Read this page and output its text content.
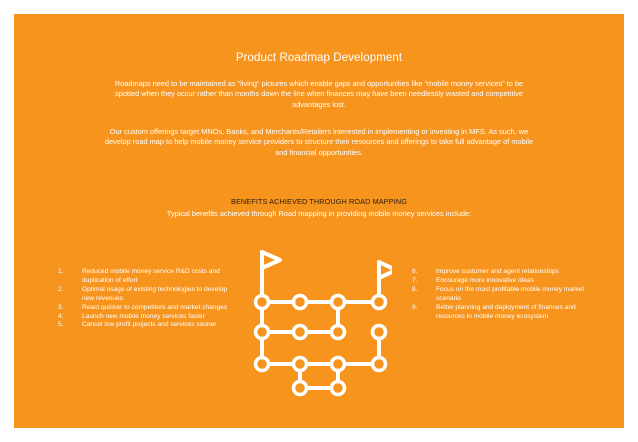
Product Roadmap Development
Roadmaps need to be maintained as “living” pictures which enable gaps and opportunities like “mobile money services” to be spotted when they occur rather than months down the line when finances may have been needlessly wasted and competitive advantages lost.
Our custom offerings target MNOs, Banks, and Merchants/Retailers interested in implementing or investing in MFS. As such, we develop road map to help mobile money service providers to structure their resources and offerings to take full advantage of mobile and financial opportunities.
BENEFITS ACHIEVED THROUGH ROAD MAPPING
Typical benefits achieved through Road mapping in providing mobile money services include:
1.	Reduced mobile money service R&D costs and duplication of effort
2.	Optimal usage of existing technologies to develop new revenues
3.	React quicker to competitors and market changes
4.	Launch new mobile money services faster
5.	Cancel low profit projects and services sooner
6.	Improve customer and agent relationships
7.	Encourage more innovative ideas
8.	Focus on the most profitable mobile money market scenario
9.	Better planning and deployment of finances and resources in mobile money ecosystem
